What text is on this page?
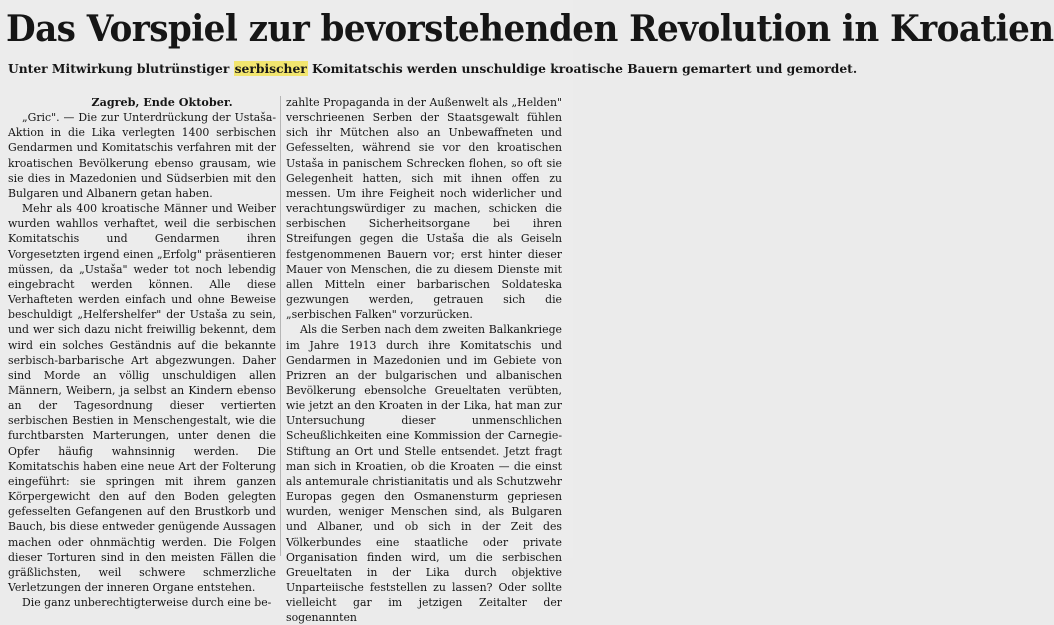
Das Vorspiel zur bevorstehenden Revolution in Kroatien
Unter Mitwirkung blutrünstiger serbischer Komitatschis werden unschuldige kroatische Bauern gemartert und gemordet.

Zagreb, Ende Oktober.

„Gric". — Die zur Unterdrückung der Ustaša-Aktion in die Lika verlegten 1400 serbischen Gendarmen und Komitatschis verfahren mit der kroatischen Bevölkerung ebenso grausam, wie sie dies in Mazedonien und Südserbien mit den Bulgaren und Albanern getan haben.

Mehr als 400 kroatische Männer und Weiber wurden wahllos verhaftet, weil die serbischen Komitatschis und Gendarmen ihren Vorgesetzten irgend einen „Erfolg" präsentieren müssen, da „Ustaša" weder tot noch lebendig eingebracht werden können. Alle diese Verhafteten werden einfach und ohne Beweise beschuldigt „Helfershelfer" der Ustaša zu sein, und wer sich dazu nicht freiwillig bekennt, dem wird ein solches Geständnis auf die bekannte serbisch-barbarische Art abgezwungen. Daher sind Morde an völlig unschuldigen allen Männern, Weibern, ja selbst an Kindern ebenso an der Tagesordnung dieser vertierten serbischen Bestien in Menschengestalt, wie die furchtbarsten Marterungen, unter denen die Opfer häufig wahnsinnig werden. Die Komitatschis haben eine neue Art der Folterung eingeführt: sie springen mit ihrem ganzen Körpergewicht den auf den Boden gelegten gefesselten Gefangenen auf den Brustkorb und Bauch, bis diese entweder genügende Aussagen machen oder ohnmächtig werden. Die Folgen dieser Torturen sind in den meisten Fällen die gräßlichsten, weil schwere schmerzliche Verletzungen der inneren Organe entstehen.

Die ganz unberechtigterweise durch eine be-

zahlte Propaganda in der Außenwelt als „Helden" verschrieenen Serben der Staatsgewalt fühlen sich ihr Mütchen also an Unbewaffneten und Gefesselten, während sie vor den kroatischen Ustaša in panischem Schrecken flohen, so oft sie Gelegenheit hatten, sich mit ihnen offen zu messen. Um ihre Feigheit noch widerlicher und verachtungswürdiger zu machen, schicken die serbischen Sicherheitsorgane bei ihren Streifungen gegen die Ustaša die als Geiseln festgenommenen Bauern vor; erst hinter dieser Mauer von Menschen, die zu diesem Dienste mit allen Mitteln einer barbarischen Soldateska gezwungen werden, getrauen sich die „serbischen Falken" vorzurücken.

Als die Serben nach dem zweiten Balkankriege im Jahre 1913 durch ihre Komitatschis und Gendarmen in Mazedonien und im Gebiete von Prizren an der bulgarischen und albanischen Bevölkerung ebensolche Greueltaten verübten, wie jetzt an den Kroaten in der Lika, hat man zur Untersuchung dieser unmenschlichen Scheußlichkeiten eine Kommission der Carnegie-Stiftung an Ort und Stelle entsendet. Jetzt fragt man sich in Kroatien, ob die Kroaten — die einst als antemurale christianitatis und als Schutzwehr Europas gegen den Osmanensturm gepriesen wurden, weniger Menschen sind, als Bulgaren und Albaner, und ob sich in der Zeit des Völkerbundes eine staatliche oder private Organisation finden wird, um die serbischen Greueltaten in der Lika durch objektive Unparteiische feststellen zu lassen? Oder sollte vielleicht gar im jetzigen Zeitalter der sogenannten
